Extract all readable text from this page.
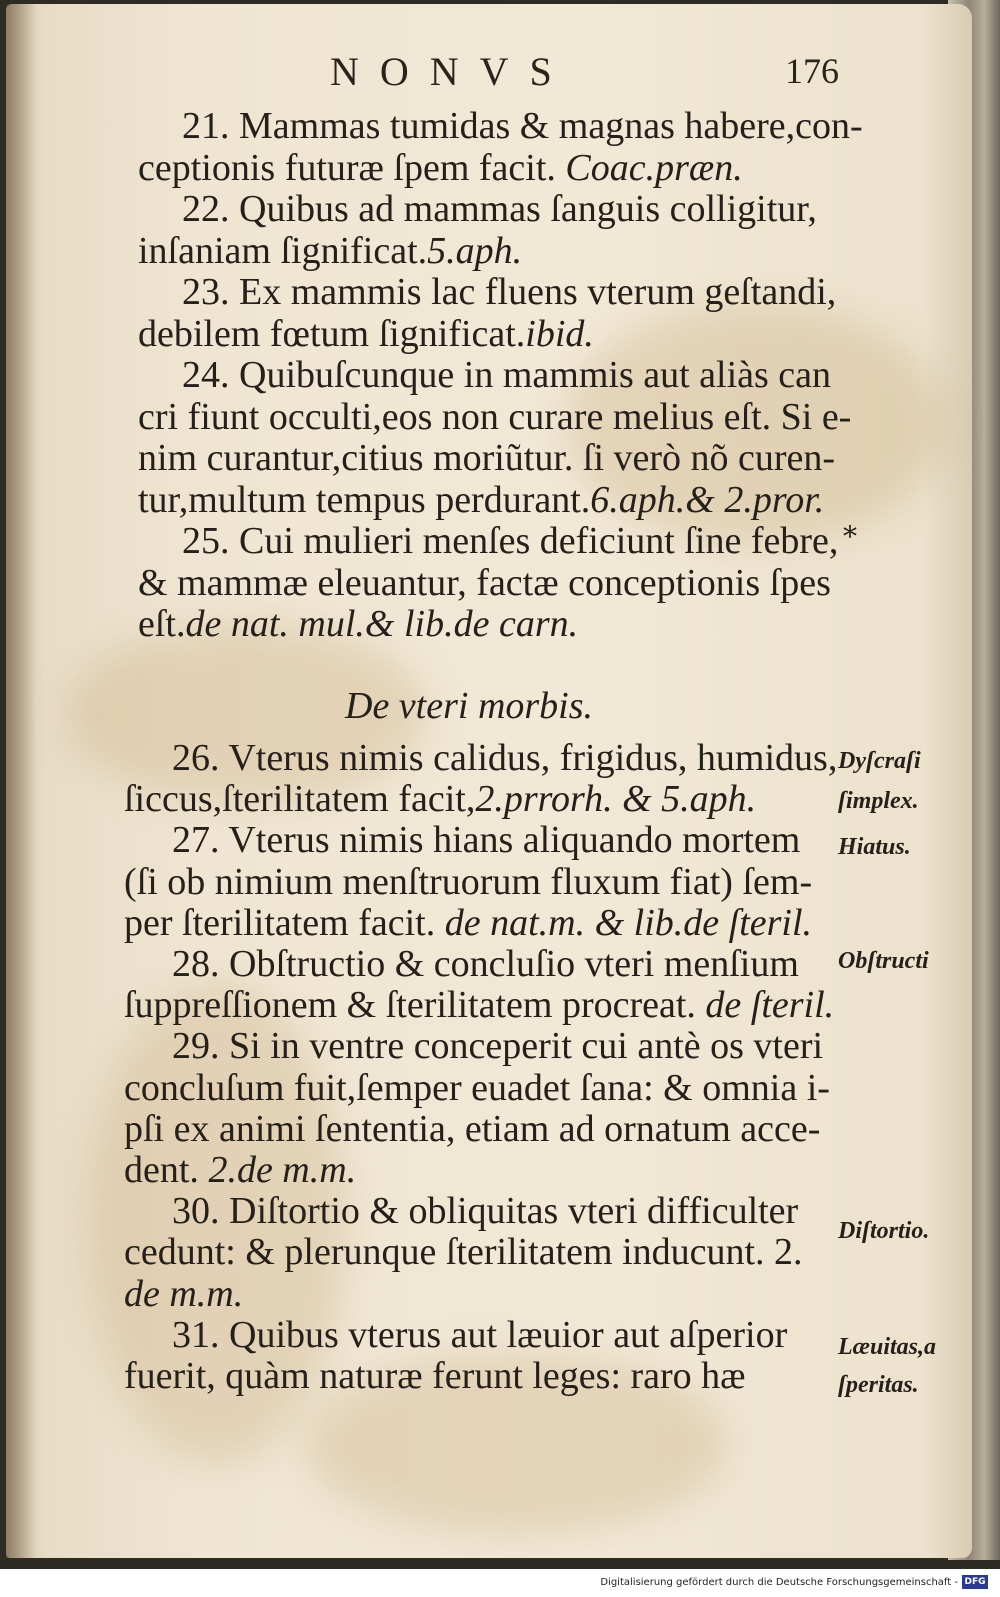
NONVS	176
21. Mammas tumidas & magnas habere,con-
ceptionis futuræ ſpem facit. Coac.præn.
22. Quibus ad mammas ſanguis colligitur,
inſaniam ſignificat.5.aph.
23. Ex mammis lac fluens vterum geſtandi,
debilem fœtum ſignificat.ibid.
24. Quibuſcunque in mammis aut aliàs can
cri fiunt occulti,eos non curare melius eſt. Si e-
nim curantur,citius moriũtur. ſi verò nõ curen-
tur,multum tempus perdurant.6.aph.& 2.pror.
25. Cui mulieri menſes deficiunt ſine febre,
& mammæ eleuantur, factæ conceptionis ſpes
eſt.de nat. mul.& lib.de carn.
De vteri morbis.
26. Vterus nimis calidus, frigidus, humidus,
ſiccus,ſterilitatem facit,2.prrorh. & 5.aph.
27. Vterus nimis hians aliquando mortem
(ſi ob nimium menſtruorum fluxum fiat) ſem-
per ſterilitatem facit. de nat.m. & lib.de ſteril.
28. Obſtructio & concluſio vteri menſium
ſuppreſſionem & ſterilitatem procreat. de ſteril.
29. Si in ventre conceperit cui antè os vteri
concluſum fuit,ſemper euadet ſana: & omnia i-
pſi ex animi ſententia, etiam ad ornatum acce-
dent. 2.de m.m.
30. Diſtortio & obliquitas vteri difficulter
cedunt: & plerunque ſterilitatem inducunt. 2.
de m.m.
31. Quibus vterus aut læuior aut aſperior
fuerit, quàm naturæ ferunt leges: raro hæ
*
Dyſcraſi
ſimplex.
Hiatus.
Obſtructi
Diſtortio.
Læuitas,a
ſperitas.
Digitalisierung gefördert durch die Deutsche Forschungsgemeinschaft - DFG
